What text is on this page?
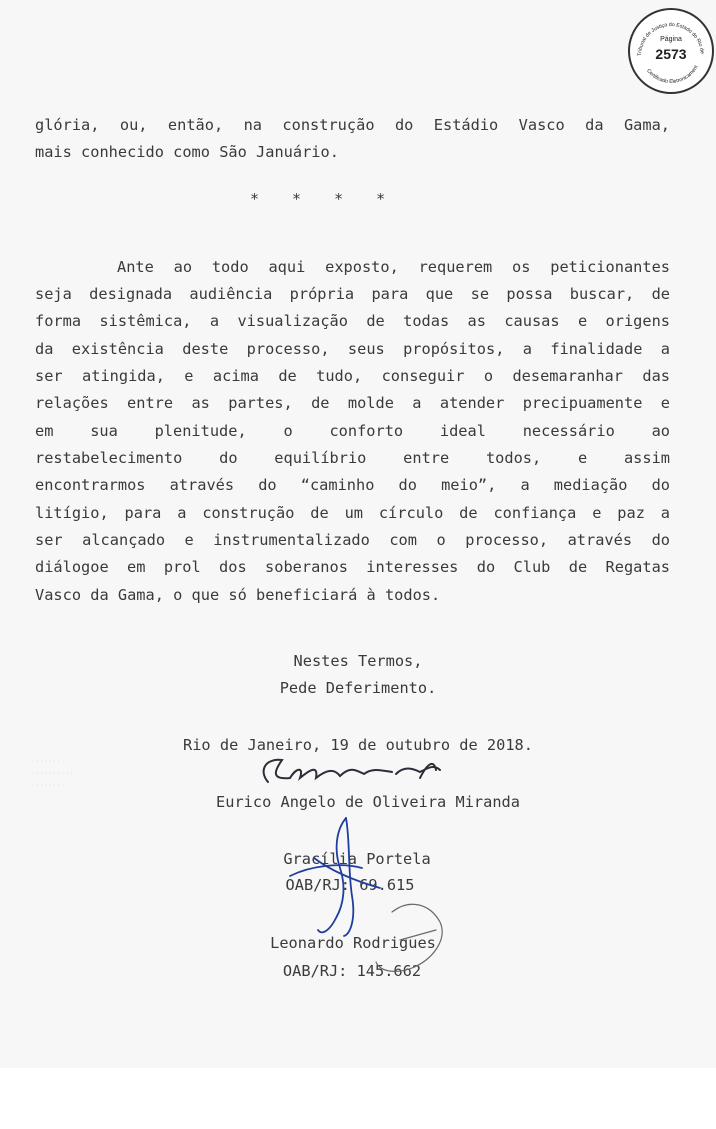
Tribunal de Justiça do Estado do Rio de
Certificado Eletronicament
Página
2573
glória, ou, então, na construção do Estádio Vasco da Gama,
mais conhecido como São Januário.
* * * *
Ante ao todo aqui exposto, requerem os peticionantes
seja designada audiência própria para que se possa buscar, de
forma sistêmica, a visualização de todas as causas e origens
da existência deste processo, seus propósitos, a finalidade a
ser atingida, e acima de tudo, conseguir o desemaranhar das
relações entre as partes, de molde a atender precipuamente e
em sua plenitude, o conforto ideal necessário ao
restabelecimento do equilíbrio entre todos, e assim
encontrarmos através do “caminho do meio”, a mediação do
litígio, para a construção de um círculo de confiança e paz a
ser alcançado e instrumentalizado com o processo, através do
diálogoe em prol dos soberanos interesses do Club de Regatas
Vasco da Gama, o que só beneficiará à todos.
Nestes Termos,
Pede Deferimento.
Rio de Janeiro, 19 de outubro de 2018.
· · · · · · ·
· · · · · · · · · ·
· · · · · · · ·
Eurico Angelo de Oliveira Miranda
Gracília Portela
OAB/RJ: 69.615
Leonardo Rodrigues
OAB/RJ: 145.662
